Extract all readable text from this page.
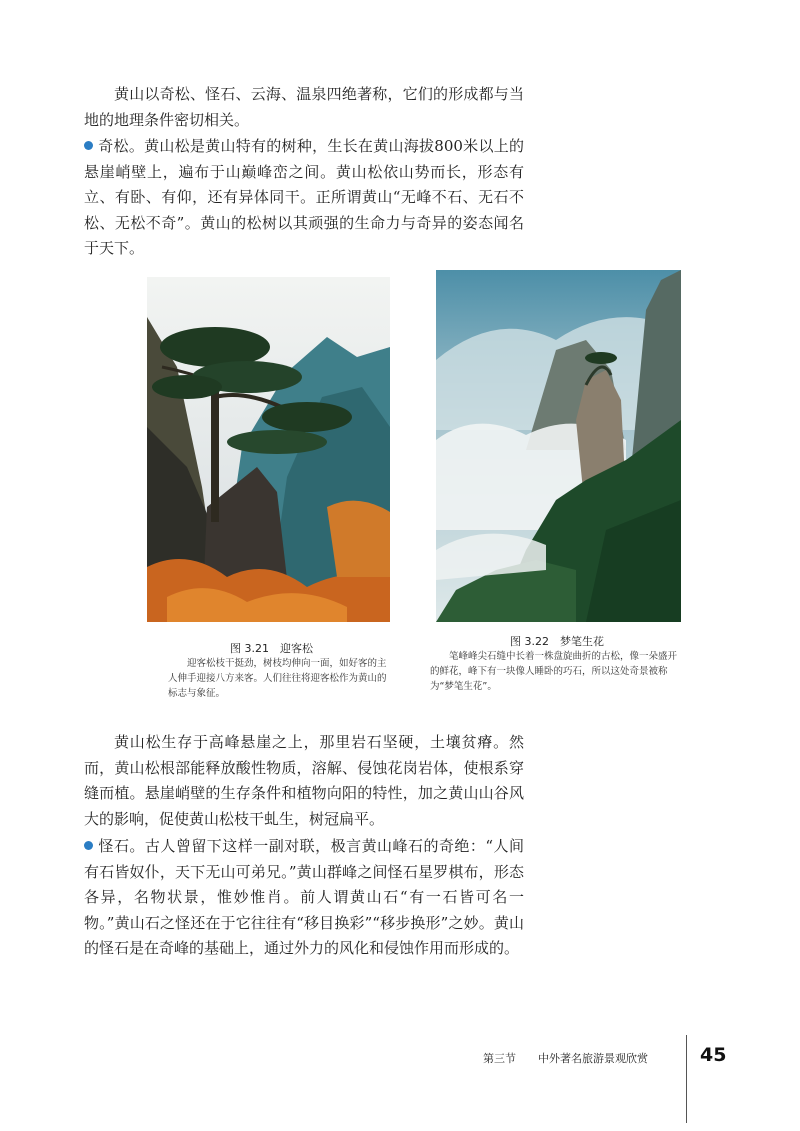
黄山以奇松、怪石、云海、温泉四绝著称，它们的形成都与当地的地理条件密切相关。

奇松。黄山松是黄山特有的树种，生长在黄山海拔800米以上的悬崖峭壁上，遍布于山巅峰峦之间。黄山松依山势而长，形态有立、有卧、有仰，还有异体同干。正所谓黄山“无峰不石、无石不松、无松不奇”。黄山的松树以其顽强的生命力与奇异的姿态闻名于天下。

图 3.21　迎客松

迎客松枝干挺劲，树枝均伸向一面，如好客的主人伸手迎接八方来客。人们往往将迎客松作为黄山的标志与象征。

图 3.22　梦笔生花

笔峰峰尖石缝中长着一株盘旋曲折的古松，像一朵盛开的鲜花，峰下有一块像人睡卧的巧石，所以这处奇景被称为“梦笔生花”。

黄山松生存于高峰悬崖之上，那里岩石坚硬，土壤贫瘠。然而，黄山松根部能释放酸性物质，溶解、侵蚀花岗岩体，使根系穿缝而植。悬崖峭壁的生存条件和植物向阳的特性，加之黄山山谷风大的影响，促使黄山松枝干虬生，树冠扁平。

怪石。古人曾留下这样一副对联，极言黄山峰石的奇绝：“人间有石皆奴仆，天下无山可弟兄。”黄山群峰之间怪石星罗棋布，形态各异，名物状景，惟妙惟肖。前人谓黄山石“有一石皆可名一物。”黄山石之怪还在于它往往有“移目换彩”“移步换形”之妙。黄山的怪石是在奇峰的基础上，通过外力的风化和侵蚀作用而形成的。

第三节 中外著名旅游景观欣赏	45
